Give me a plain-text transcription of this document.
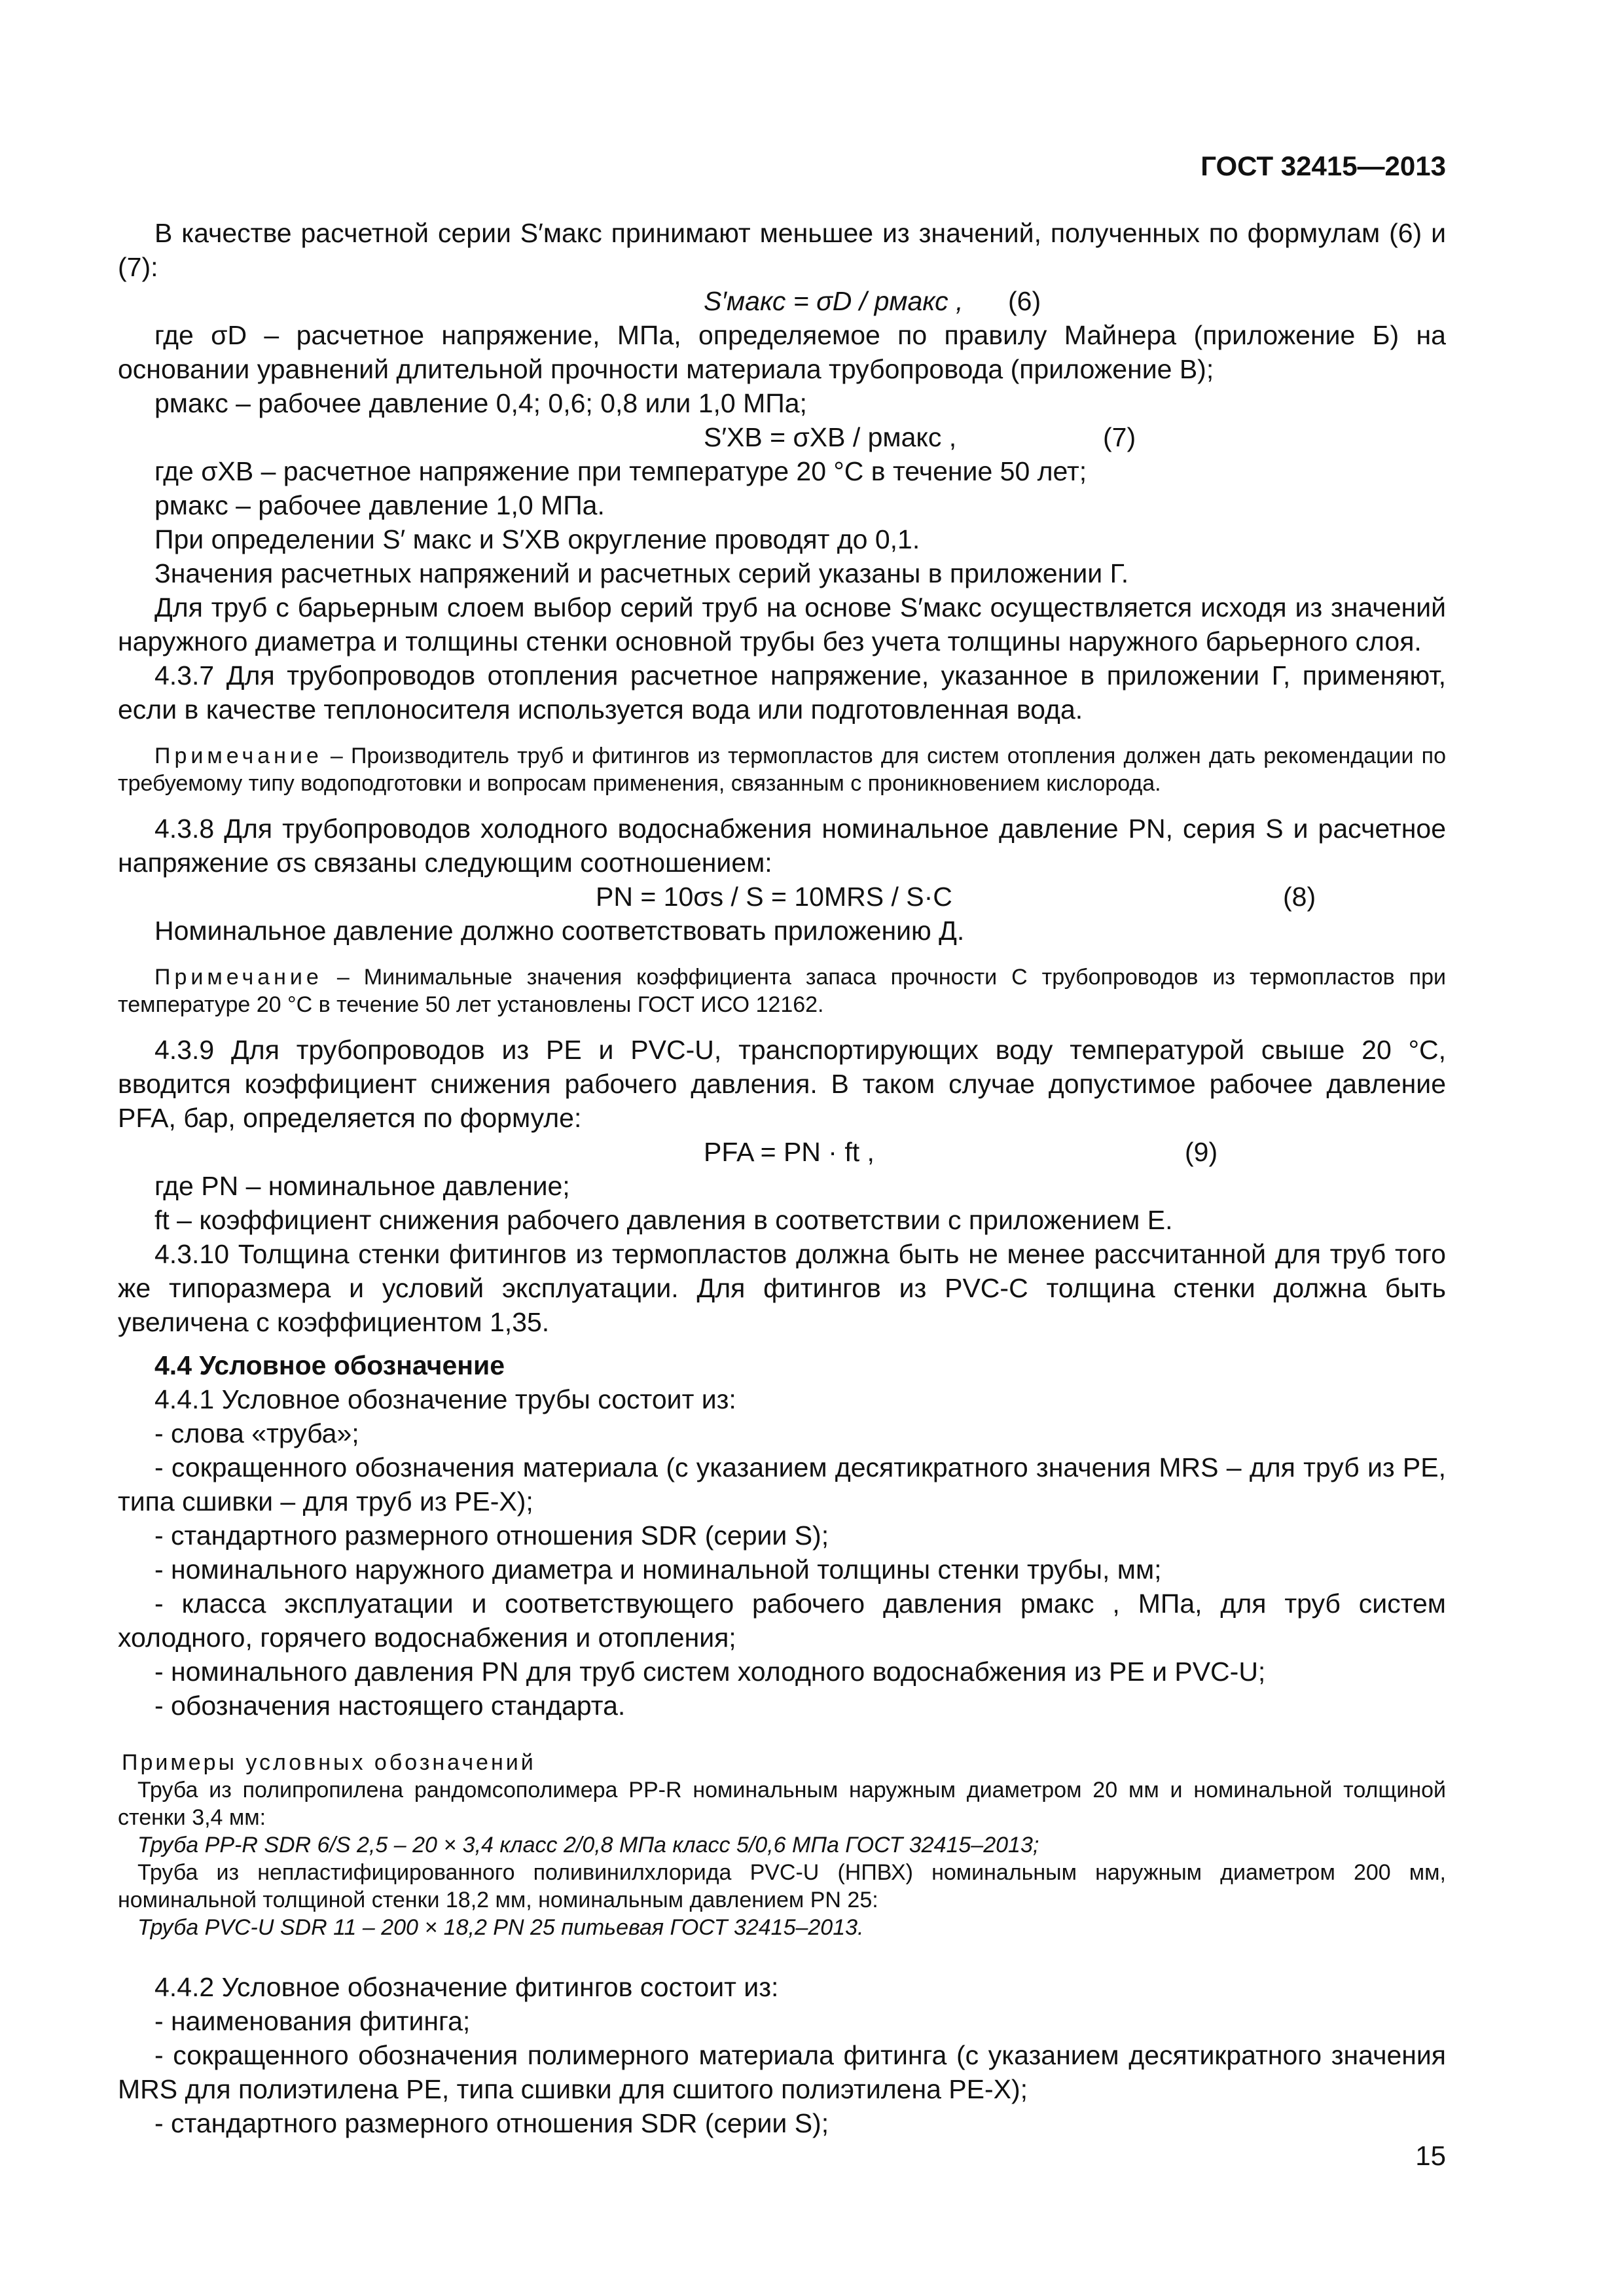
ГОСТ 32415—2013

В качестве расчетной серии S′макс принимают меньшее из значений, полученных по формулам (6) и (7):

S′макс = σD / pмакс , (6)

где σD – расчетное напряжение, МПа, определяемое по правилу Майнера (приложение Б) на основании уравнений длительной прочности материала трубопровода (приложение В);

pмакс – рабочее давление 0,4; 0,6; 0,8 или 1,0 МПа;

S′XB = σXB / pмакс ,	(7)

где σXB – расчетное напряжение при температуре 20 °С в течение 50 лет;

pмакс – рабочее давление 1,0 МПа.

При определении S′ макс и S′XB округление проводят до 0,1.

Значения расчетных напряжений и расчетных серий указаны в приложении Г.

Для труб с барьерным слоем выбор серий труб на основе S′макс осуществляется исходя из значений наружного диаметра и толщины стенки основной трубы без учета толщины наружного барьерного слоя.

4.3.7 Для трубопроводов отопления расчетное напряжение, указанное в приложении Г, применяют, если в качестве теплоносителя используется вода или подготовленная вода.

Примечание – Производитель труб и фитингов из термопластов для систем отопления должен дать рекомендации по требуемому типу водоподготовки и вопросам применения, связанным с проникновением кислорода.

4.3.8 Для трубопроводов холодного водоснабжения номинальное давление PN, серия S и расчетное напряжение σs связаны следующим соотношением:

PN = 10σs / S = 10MRS / S·C	(8)

Номинальное давление должно соответствовать приложению Д.

Примечание – Минимальные значения коэффициента запаса прочности С трубопроводов из термопластов при температуре 20 °С в течение 50 лет установлены ГОСТ ИСО 12162.

4.3.9 Для трубопроводов из PE и PVC-U, транспортирующих воду температурой свыше 20 °С, вводится коэффициент снижения рабочего давления. В таком случае допустимое рабочее давление PFA, бар, определяется по формуле:

PFA = PN · ft ,	(9)

где PN – номинальное давление;

ft – коэффициент снижения рабочего давления в соответствии с приложением Е.

4.3.10 Толщина стенки фитингов из термопластов должна быть не менее рассчитанной для труб того же типоразмера и условий эксплуатации. Для фитингов из PVC-C толщина стенки должна быть увеличена с коэффициентом 1,35.

4.4 Условное обозначение

4.4.1 Условное обозначение трубы состоит из:

- слова «труба»;

- сокращенного обозначения материала (с указанием десятикратного значения MRS – для труб из PE, типа сшивки – для труб из PE-X);

- стандартного размерного отношения SDR (серии S);

- номинального наружного диаметра и номинальной толщины стенки трубы, мм;

- класса эксплуатации и соответствующего рабочего давления pмакс , МПа, для труб систем холодного, горячего водоснабжения и отопления;

- номинального давления PN для труб систем холодного водоснабжения из PE и PVC-U;

- обозначения настоящего стандарта.

Примеры условных обозначений

Труба из полипропилена рандомсополимера PP-R номинальным наружным диаметром 20 мм и номинальной толщиной стенки 3,4 мм:

Труба PP-R SDR 6/S 2,5 – 20 × 3,4 класс 2/0,8 МПа класс 5/0,6 МПа ГОСТ 32415–2013;

Труба из непластифицированного поливинилхлорида PVC-U (НПВХ) номинальным наружным диаметром 200 мм, номинальной толщиной стенки 18,2 мм, номинальным давлением PN 25:

Труба PVC-U SDR 11 – 200 × 18,2 PN 25 питьевая ГОСТ 32415–2013.

4.4.2 Условное обозначение фитингов состоит из:

- наименования фитинга;

- сокращенного обозначения полимерного материала фитинга (с указанием десятикратного значения MRS для полиэтилена PE, типа сшивки для сшитого полиэтилена PE-X);

- стандартного размерного отношения SDR (серии S);

15
